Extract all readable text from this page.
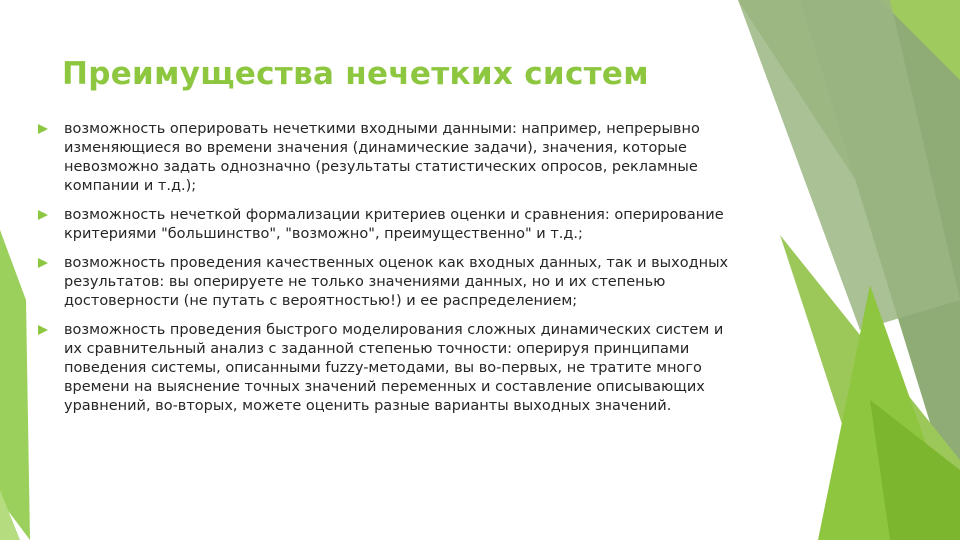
Преимущества нечетких систем
возможность оперировать нечеткими входными данными: например, непрерывно изменяющиеся во времени значения (динамические задачи), значения, которые невозможно задать однозначно (результаты статистических опросов, рекламные компании и т.д.);
возможность нечеткой формализации критериев оценки и сравнения: оперирование критериями "большинство", "возможно", преимущественно" и т.д.;
возможность проведения качественных оценок как входных данных, так и выходных результатов: вы оперируете не только значениями данных, но и их степенью достоверности (не путать с вероятностью!) и ее распределением;
возможность проведения быстрого моделирования сложных динамических систем и их сравнительный анализ с заданной степенью точности: оперируя принципами поведения системы, описанными fuzzy-методами, вы во-первых, не тратите много времени на выяснение точных значений переменных и составление описывающих уравнений, во-вторых, можете оценить разные варианты выходных значений.
